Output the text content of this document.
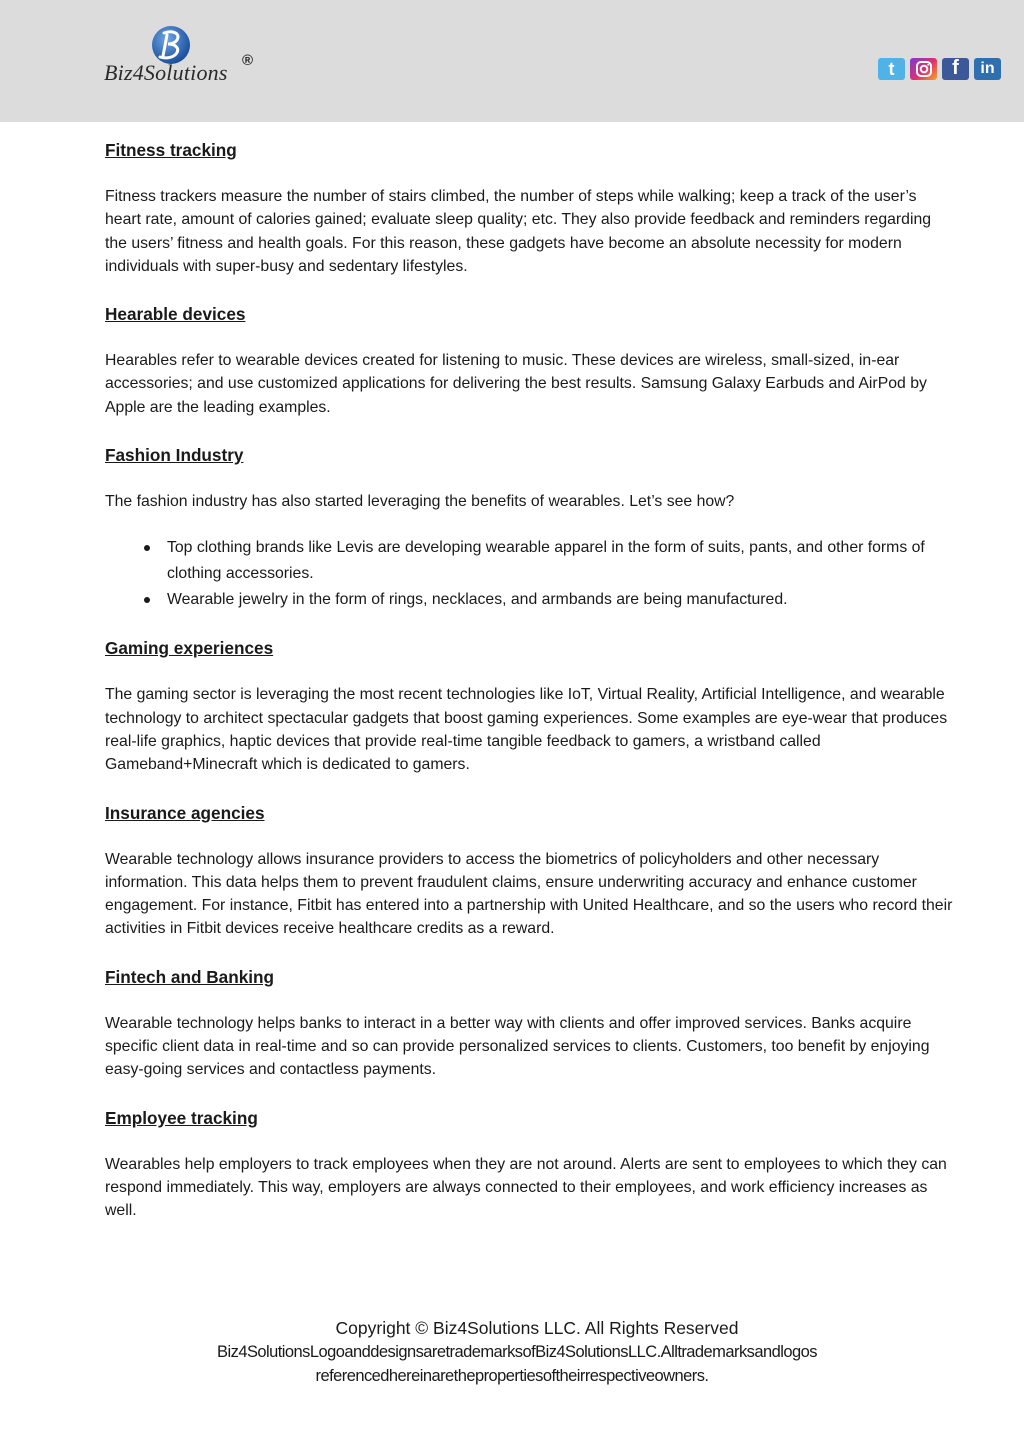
Biz4Solutions ®	t	f	in
Fitness tracking

Fitness trackers measure the number of stairs climbed, the number of steps while walking; keep a track of the user’s heart rate, amount of calories gained; evaluate sleep quality; etc. They also provide feedback and reminders regarding the users’ fitness and health goals. For this reason, these gadgets have become an absolute necessity for modern individuals with super-busy and sedentary lifestyles.

Hearable devices

Hearables refer to wearable devices created for listening to music. These devices are wireless, small-sized, in-ear accessories; and use customized applications for delivering the best results. Samsung Galaxy Earbuds and AirPod by Apple are the leading examples.

Fashion Industry

The fashion industry has also started leveraging the benefits of wearables. Let’s see how?

Top clothing brands like Levis are developing wearable apparel in the form of suits, pants, and other forms of clothing accessories.
Wearable jewelry in the form of rings, necklaces, and armbands are being manufactured.
Gaming experiences

The gaming sector is leveraging the most recent technologies like IoT, Virtual Reality, Artificial Intelligence, and wearable technology to architect spectacular gadgets that boost gaming experiences. Some examples are eye-wear that produces real-life graphics, haptic devices that provide real-time tangible feedback to gamers, a wristband called Gameband+Minecraft which is dedicated to gamers.

Insurance agencies

Wearable technology allows insurance providers to access the biometrics of policyholders and other necessary information. This data helps them to prevent fraudulent claims, ensure underwriting accuracy and enhance customer engagement. For instance, Fitbit has entered into a partnership with United Healthcare, and so the users who record their activities in Fitbit devices receive healthcare credits as a reward.

Fintech and Banking

Wearable technology helps banks to interact in a better way with clients and offer improved services. Banks acquire specific client data in real-time and so can provide personalized services to clients. Customers, too benefit by enjoying easy-going services and contactless payments.

Employee tracking

Wearables help employers to track employees when they are not around. Alerts are sent to employees to which they can respond immediately. This way, employers are always connected to their employees, and work efficiency increases as well.

Copyright © Biz4Solutions LLC. All Rights Reserved
Biz4SolutionsLogoanddesignsaretrademarksofBiz4SolutionsLLC.Alltrademarksandlogos
referencedhereinarethepropertiesoftheirrespectiveowners.
